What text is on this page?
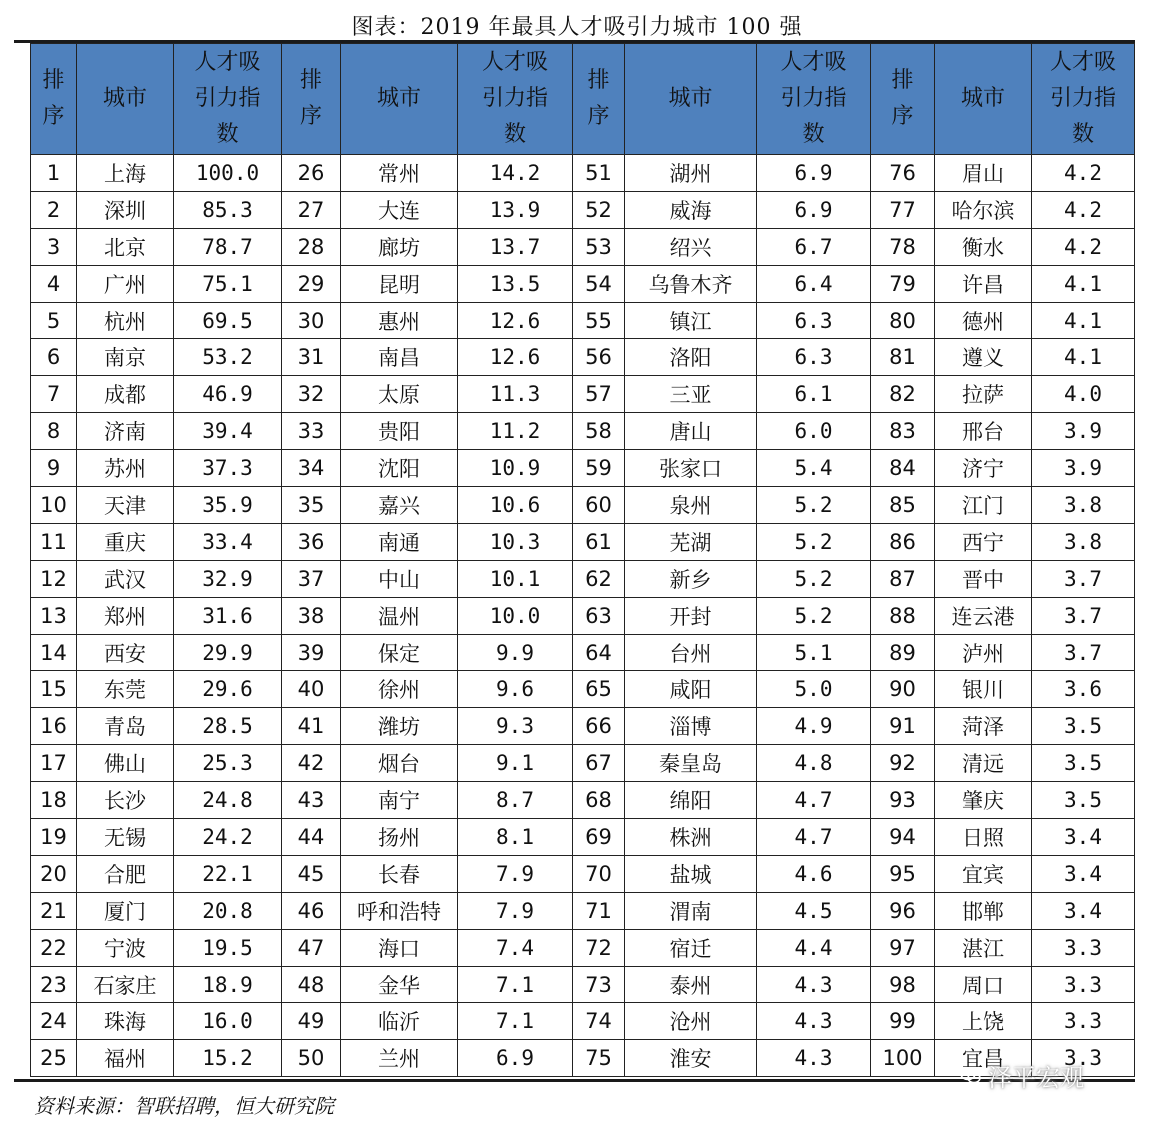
图表：2019 年最具人才吸引力城市 100 强
排序	城市	人才吸引力指数	排序	城市	人才吸引力指数	排序	城市	人才吸引力指数	排序	城市	人才吸引力指数
1	上海	100.0	26	常州	14.2	51	湖州	6.9	76	眉山	4.2
2	深圳	85.3	27	大连	13.9	52	威海	6.9	77	哈尔滨	4.2
3	北京	78.7	28	廊坊	13.7	53	绍兴	6.7	78	衡水	4.2
4	广州	75.1	29	昆明	13.5	54	乌鲁木齐	6.4	79	许昌	4.1
5	杭州	69.5	30	惠州	12.6	55	镇江	6.3	80	德州	4.1
6	南京	53.2	31	南昌	12.6	56	洛阳	6.3	81	遵义	4.1
7	成都	46.9	32	太原	11.3	57	三亚	6.1	82	拉萨	4.0
8	济南	39.4	33	贵阳	11.2	58	唐山	6.0	83	邢台	3.9
9	苏州	37.3	34	沈阳	10.9	59	张家口	5.4	84	济宁	3.9
10	天津	35.9	35	嘉兴	10.6	60	泉州	5.2	85	江门	3.8
11	重庆	33.4	36	南通	10.3	61	芜湖	5.2	86	西宁	3.8
12	武汉	32.9	37	中山	10.1	62	新乡	5.2	87	晋中	3.7
13	郑州	31.6	38	温州	10.0	63	开封	5.2	88	连云港	3.7
14	西安	29.9	39	保定	9.9	64	台州	5.1	89	泸州	3.7
15	东莞	29.6	40	徐州	9.6	65	咸阳	5.0	90	银川	3.6
16	青岛	28.5	41	潍坊	9.3	66	淄博	4.9	91	菏泽	3.5
17	佛山	25.3	42	烟台	9.1	67	秦皇岛	4.8	92	清远	3.5
18	长沙	24.8	43	南宁	8.7	68	绵阳	4.7	93	肇庆	3.5
19	无锡	24.2	44	扬州	8.1	69	株洲	4.7	94	日照	3.4
20	合肥	22.1	45	长春	7.9	70	盐城	4.6	95	宜宾	3.4
21	厦门	20.8	46	呼和浩特	7.9	71	渭南	4.5	96	邯郸	3.4
22	宁波	19.5	47	海口	7.4	72	宿迁	4.4	97	湛江	3.3
23	石家庄	18.9	48	金华	7.1	73	泰州	4.3	98	周口	3.3
24	珠海	16.0	49	临沂	7.1	74	沧州	4.3	99	上饶	3.3
25	福州	15.2	50	兰州	6.9	75	淮安	4.3	100	宜昌	3.3
资料来源：智联招聘，恒大研究院
泽平宏观
